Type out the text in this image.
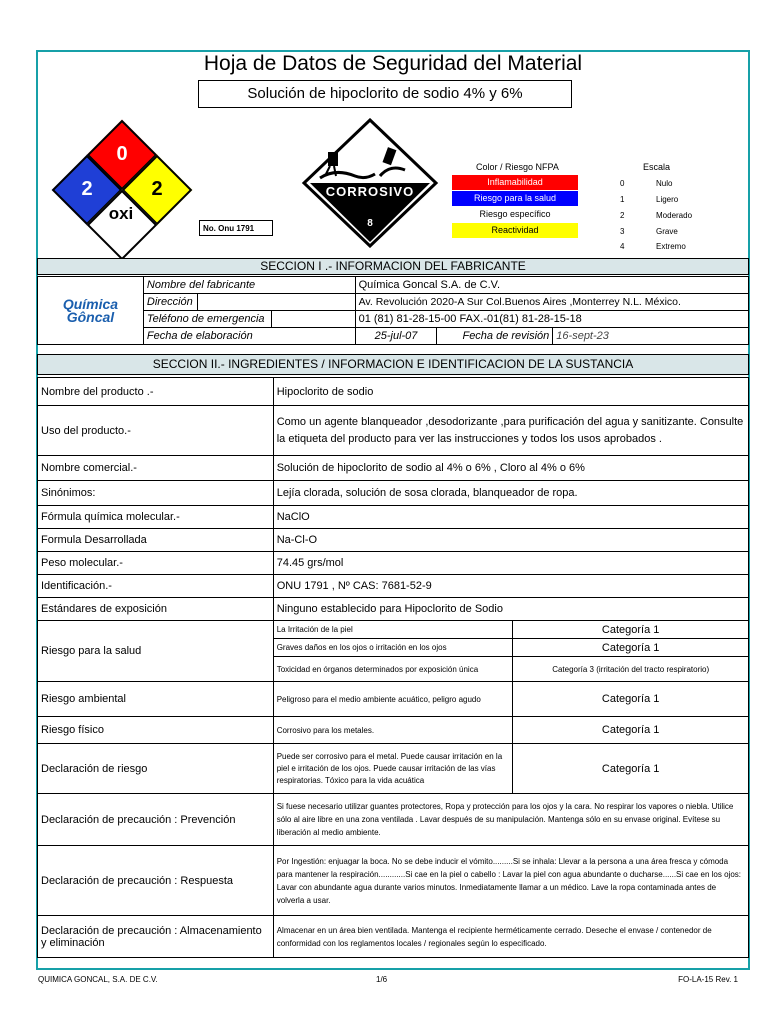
Hoja de Datos de Seguridad del Material
Solución de hipoclorito de sodio 4% y 6%
0
2	2
oxi
No. Onu 1791
CORROSIVO
8
Color / Riesgo NFPA
Inflamabilidad
Riesgo para la salud
Riesgo específico
Reactividad
Escala
0	Nulo
1	Ligero
2	Moderado
3	Grave
4	Extremo
SECCION I .- INFORMACION DEL FABRICANTE
Química Gôncal	Nombre del fabricante			Química Goncal S.A. de C.V.		
	Dirección			Av. Revolución 2020-A Sur Col.Buenos Aires ,Monterrey N.L. México.		
	Teléfono de emergencia			01 (81) 81-28-15-00 FAX.-01(81) 81-28-15-18		
	Fecha de elaboración			25-jul-07	Fecha de revisión	16-sept-23
SECCION II.- INGREDIENTES / INFORMACION E IDENTIFICACION DE LA SUSTANCIA
Nombre del producto .-	Hipoclorito de sodio	
Uso del producto.-	Como un agente blanqueador ,desodorizante ,para purificación del agua y sanitizante. Consulte la etiqueta del producto para ver las instrucciones y todos los usos aprobados .	
Nombre comercial.-	Solución de hipoclorito de sodio al 4% o 6% , Cloro al 4% o 6%	
Sinónimos:	Lejía clorada, solución de sosa clorada, blanqueador de ropa.	
Fórmula química molecular.-	NaClO	
Formula Desarrollada	Na-Cl-O	
Peso molecular.-	74.45 grs/mol	
Identificación.-	ONU 1791 , Nº CAS: 7681-52-9	
Estándares de exposición	Ninguno establecido para Hipoclorito de Sodio	
Riesgo para la salud	La Irritación de la piel	Categoría 1
	Graves daños en los ojos o irritación en los ojos	Categoría 1
	Toxicidad en órganos determinados por exposición única	Categoría 3 (irritación del tracto respiratorio)
Riesgo ambiental	Peligroso para el medio ambiente acuático, peligro agudo	Categoría 1
Riesgo físico	Corrosivo para los metales.	Categoría 1
Declaración de riesgo	Puede ser corrosivo para el metal. Puede causar irritación en la piel e irritación de los ojos. Puede causar irritación de las vías respiratorias. Tóxico para la vida acuática	Categoría 1
Declaración de precaución : Prevención	Si fuese necesario utilizar guantes protectores, Ropa y protección para los ojos y la cara. No respirar los vapores o niebla. Utilice sólo al aire libre en una zona ventilada . Lavar después de su manipulación. Mantenga sólo en su envase original. Evítese su liberación al medio ambiente.	
Declaración de precaución : Respuesta	Por Ingestión: enjuagar la boca. No se debe inducir el vómito.........Si se inhala: Llevar a la persona a una área fresca y cómoda para mantener la respiración............Si cae en la piel o cabello : Lavar la piel con agua abundante o ducharse......Si cae en los ojos: Lavar con abundante agua durante varios minutos. Inmediatamente llamar a un médico. Lave la ropa contaminada antes de volverla a usar.	
Declaración de precaución : Almacenamiento y eliminación	Almacenar en un área bien ventilada. Mantenga el recipiente herméticamente cerrado. Deseche el envase / contenedor de conformidad con los reglamentos locales / regionales según lo especificado.	
QUIMICA GONCAL, S.A. DE C.V.	1/6	FO-LA-15 Rev. 1
